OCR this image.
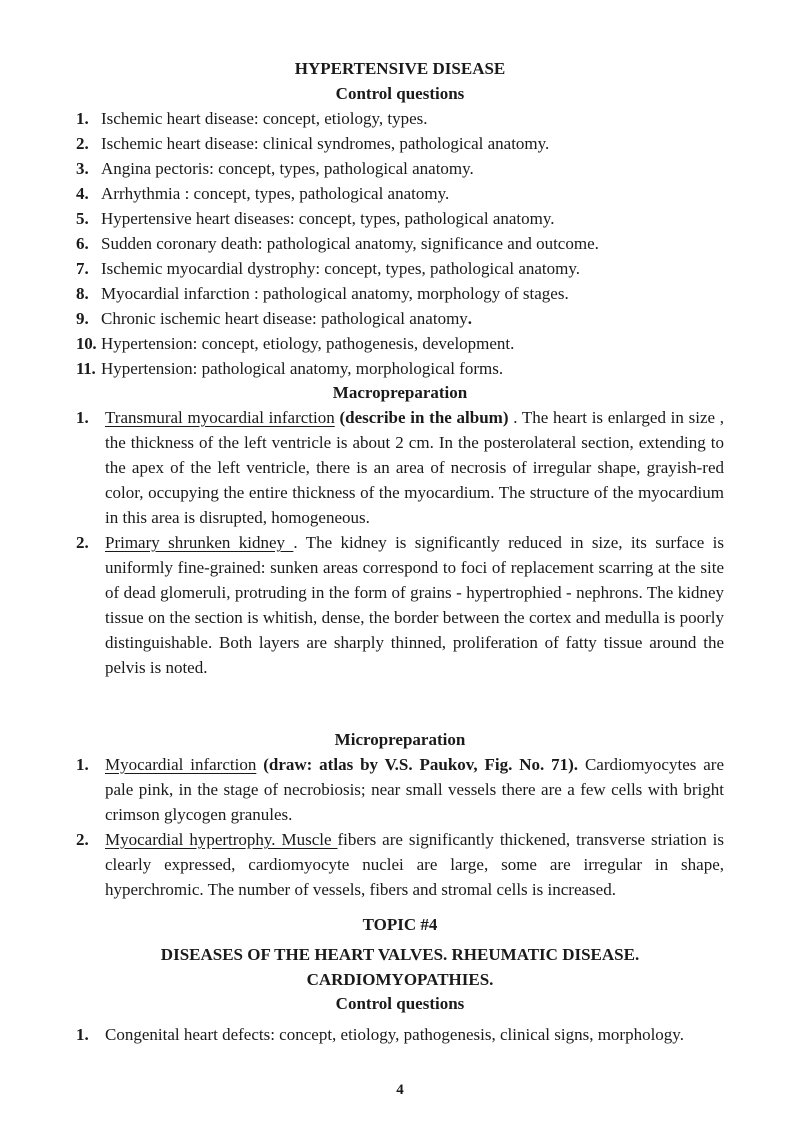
HYPERTENSIVE DISEASE

Control questions

1. Ischemic heart disease: concept, etiology, types.
2. Ischemic heart disease: clinical syndromes, pathological anatomy.
3. Angina pectoris: concept, types, pathological anatomy.
4. Arrhythmia : concept, types, pathological anatomy.
5. Hypertensive heart diseases: concept, types, pathological anatomy.
6. Sudden coronary death: pathological anatomy, significance and outcome.
7. Ischemic myocardial dystrophy: concept, types, pathological anatomy.
8. Myocardial infarction : pathological anatomy, morphology of stages.
9. Chronic ischemic heart disease: pathological anatomy .
10. Hypertension: concept, etiology, pathogenesis, development.
11. Hypertension: pathological anatomy, morphological forms.

Macropreparation

1. Transmural myocardial infarction (describe in the album) . The heart is enlarged in size , the thickness of the left ventricle is about 2 cm. In the posterolateral section, extending to the apex of the left ventricle, there is an area of necrosis of irregular shape, grayish-red color, occupying the entire thickness of the myocardium. The structure of the myocardium in this area is disrupted, homogeneous.
2. Primary shrunken kidney . The kidney is significantly reduced in size, its surface is uniformly fine-grained: sunken areas correspond to foci of replacement scarring at the site of dead glomeruli, protruding in the form of grains - hypertrophied - nephrons. The kidney tissue on the section is whitish, dense, the border between the cortex and medulla is poorly distinguishable. Both layers are sharply thinned, proliferation of fatty tissue around the pelvis is noted.

Micropreparation

1. Myocardial infarction (draw: atlas by V.S. Paukov, Fig. No. 71). Cardiomyocytes are pale pink, in the stage of necrobiosis; near small vessels there are a few cells with bright crimson glycogen granules.
2. Myocardial hypertrophy. Muscle fibers are significantly thickened, transverse striation is clearly expressed, cardiomyocyte nuclei are large, some are irregular in shape, hyperchromic. The number of vessels, fibers and stromal cells is increased.

TOPIC #4

DISEASES OF THE HEART VALVES. RHEUMATIC DISEASE.

CARDIOMYOPATHIES.

Control questions

1. Congenital heart defects: concept, etiology, pathogenesis, clinical signs, morphology.
4
